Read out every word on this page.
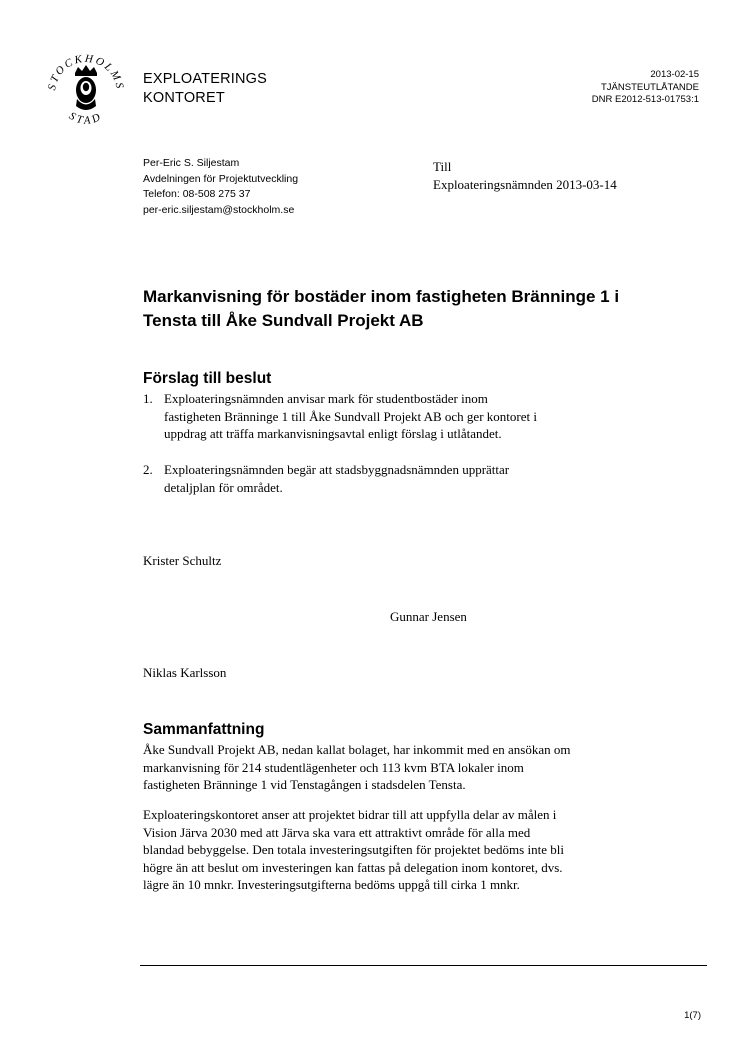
STOCKHOLMS
STAD
EXPLOATERINGS
KONTORET
2013-02-15
TJÄNSTEUTLÅTANDE
DNR E2012-513-01753:1
Per-Eric S. Siljestam
Avdelningen för Projektutveckling
Telefon: 08-508 275 37
per-eric.siljestam@stockholm.se
Till
Exploateringsnämnden 2013-03-14
Markanvisning för bostäder inom fastigheten Bränninge 1 i Tensta till Åke Sundvall Projekt AB
Förslag till beslut
1. Exploateringsnämnden anvisar mark för studentbostäder inom
fastigheten Bränninge 1 till Åke Sundvall Projekt AB och ger kontoret i
uppdrag att träffa markanvisningsavtal enligt förslag i utlåtandet.
2. Exploateringsnämnden begär att stadsbyggnadsnämnden upprättar
detaljplan för området.
Krister Schultz
Gunnar Jensen
Niklas Karlsson
Sammanfattning
Åke Sundvall Projekt AB, nedan kallat bolaget, har inkommit med en ansökan om
markanvisning för 214 studentlägenheter och 113 kvm BTA lokaler inom
fastigheten Bränninge 1 vid Tenstagången i stadsdelen Tensta.
Exploateringskontoret anser att projektet bidrar till att uppfylla delar av målen i
Vision Järva 2030 med att Järva ska vara ett attraktivt område för alla med
blandad bebyggelse. Den totala investeringsutgiften för projektet bedöms inte bli
högre än att beslut om investeringen kan fattas på delegation inom kontoret, dvs.
lägre än 10 mnkr. Investeringsutgifterna bedöms uppgå till cirka 1 mnkr.
1(7)
